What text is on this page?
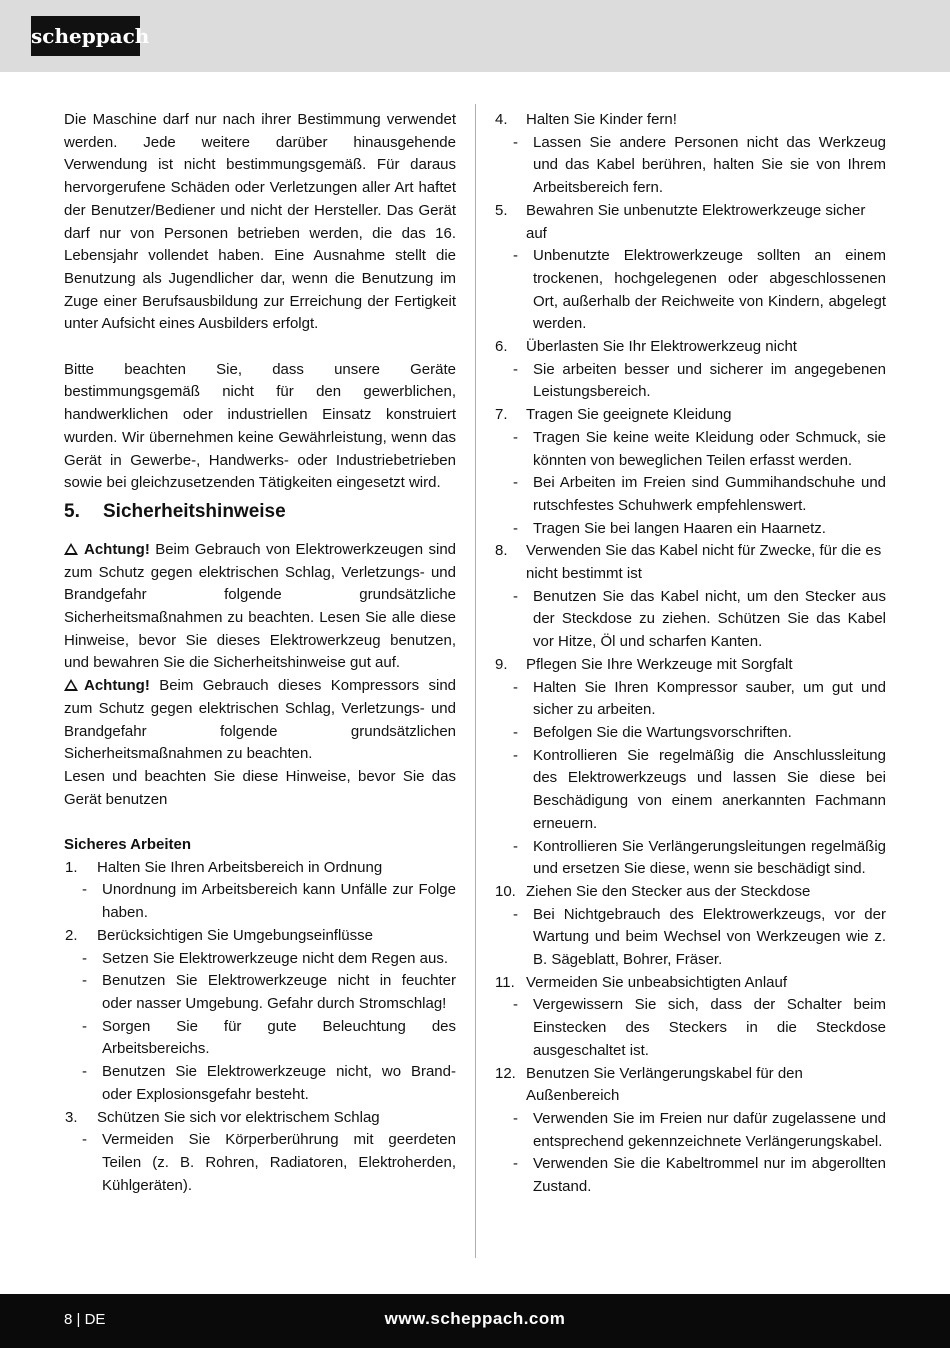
scheppach

Die Maschine darf nur nach ihrer Bestimmung verwendet werden. Jede weitere darüber hinausgehende Verwendung ist nicht bestimmungsgemäß. Für daraus hervorgerufene Schäden oder Verletzungen aller Art haftet der Benutzer/Bediener und nicht der Hersteller. Das Gerät darf nur von Personen betrieben werden, die das 16. Lebensjahr vollendet haben. Eine Ausnahme stellt die Benutzung als Jugendlicher dar, wenn die Benutzung im Zuge einer Berufsausbildung zur Erreichung der Fertigkeit unter Aufsicht eines Ausbilders erfolgt.

Bitte beachten Sie, dass unsere Geräte bestimmungsgemäß nicht für den gewerblichen, handwerklichen oder industriellen Einsatz konstruiert wurden. Wir übernehmen keine Gewährleistung, wenn das Gerät in Gewerbe-, Handwerks- oder Industriebetrieben sowie bei gleichzusetzenden Tätigkeiten eingesetzt wird.

5. Sicherheitshinweise

Achtung! Beim Gebrauch von Elektrowerkzeugen sind zum Schutz gegen elektrischen Schlag, Verletzungs- und Brandgefahr folgende grundsätzliche Sicherheitsmaßnahmen zu beachten. Lesen Sie alle diese Hinweise, bevor Sie dieses Elektrowerkzeug benutzen, und bewahren Sie die Sicherheitshinweise gut auf.

Achtung! Beim Gebrauch dieses Kompressors sind zum Schutz gegen elektrischen Schlag, Verletzungs- und Brandgefahr folgende grundsätzlichen Sicherheitsmaßnahmen zu beachten.

Lesen und beachten Sie diese Hinweise, bevor Sie das Gerät benutzen

Sicheres Arbeiten
1.	Halten Sie Ihren Arbeitsbereich in Ordnung
-	Unordnung im Arbeitsbereich kann Unfälle zur Folge haben.
2.	Berücksichtigen Sie Umgebungseinflüsse
-	Setzen Sie Elektrowerkzeuge nicht dem Regen aus.
-	Benutzen Sie Elektrowerkzeuge nicht in feuchter oder nasser Umgebung. Gefahr durch Stromschlag!
-	Sorgen Sie für gute Beleuchtung des Arbeitsbereichs.
-	Benutzen Sie Elektrowerkzeuge nicht, wo Brand- oder Explosionsgefahr besteht.
3.	Schützen Sie sich vor elektrischem Schlag
-	Vermeiden Sie Körperberührung mit geerdeten Teilen (z. B. Rohren, Radiatoren, Elektroherden, Kühlgeräten).
4.	Halten Sie Kinder fern!
-	Lassen Sie andere Personen nicht das Werkzeug und das Kabel berühren, halten Sie sie von Ihrem Arbeitsbereich fern.
5.	Bewahren Sie unbenutzte Elektrowerkzeuge sicher auf
-	Unbenutzte Elektrowerkzeuge sollten an einem trockenen, hochgelegenen oder abgeschlossenen Ort, außerhalb der Reichweite von Kindern, abgelegt werden.
6.	Überlasten Sie Ihr Elektrowerkzeug nicht
-	Sie arbeiten besser und sicherer im angegebenen Leistungsbereich.
7.	Tragen Sie geeignete Kleidung
-	Tragen Sie keine weite Kleidung oder Schmuck, sie könnten von beweglichen Teilen erfasst werden.
-	Bei Arbeiten im Freien sind Gummihandschuhe und rutschfestes Schuhwerk empfehlenswert.
-	Tragen Sie bei langen Haaren ein Haarnetz.
8.	Verwenden Sie das Kabel nicht für Zwecke, für die es nicht bestimmt ist
-	Benutzen Sie das Kabel nicht, um den Stecker aus der Steckdose zu ziehen. Schützen Sie das Kabel vor Hitze, Öl und scharfen Kanten.
9.	Pflegen Sie Ihre Werkzeuge mit Sorgfalt
-	Halten Sie Ihren Kompressor sauber, um gut und sicher zu arbeiten.
-	Befolgen Sie die Wartungsvorschriften.
-	Kontrollieren Sie regelmäßig die Anschlussleitung des Elektrowerkzeugs und lassen Sie diese bei Beschädigung von einem anerkannten Fachmann erneuern.
-	Kontrollieren Sie Verlängerungsleitungen regelmäßig und ersetzen Sie diese, wenn sie beschädigt sind.
10. Ziehen Sie den Stecker aus der Steckdose
-	Bei Nichtgebrauch des Elektrowerkzeugs, vor der Wartung und beim Wechsel von Werkzeugen wie z. B. Sägeblatt, Bohrer, Fräser.
11. Vermeiden Sie unbeabsichtigten Anlauf
-	Vergewissern Sie sich, dass der Schalter beim Einstecken des Steckers in die Steckdose ausgeschaltet ist.
12. Benutzen Sie Verlängerungskabel für den Außenbereich
-	Verwenden Sie im Freien nur dafür zugelassene und entsprechend gekennzeichnete Verlängerungskabel.
-	Verwenden Sie die Kabeltrommel nur im abgerollten Zustand.
8 | DE	www.scheppach.com
